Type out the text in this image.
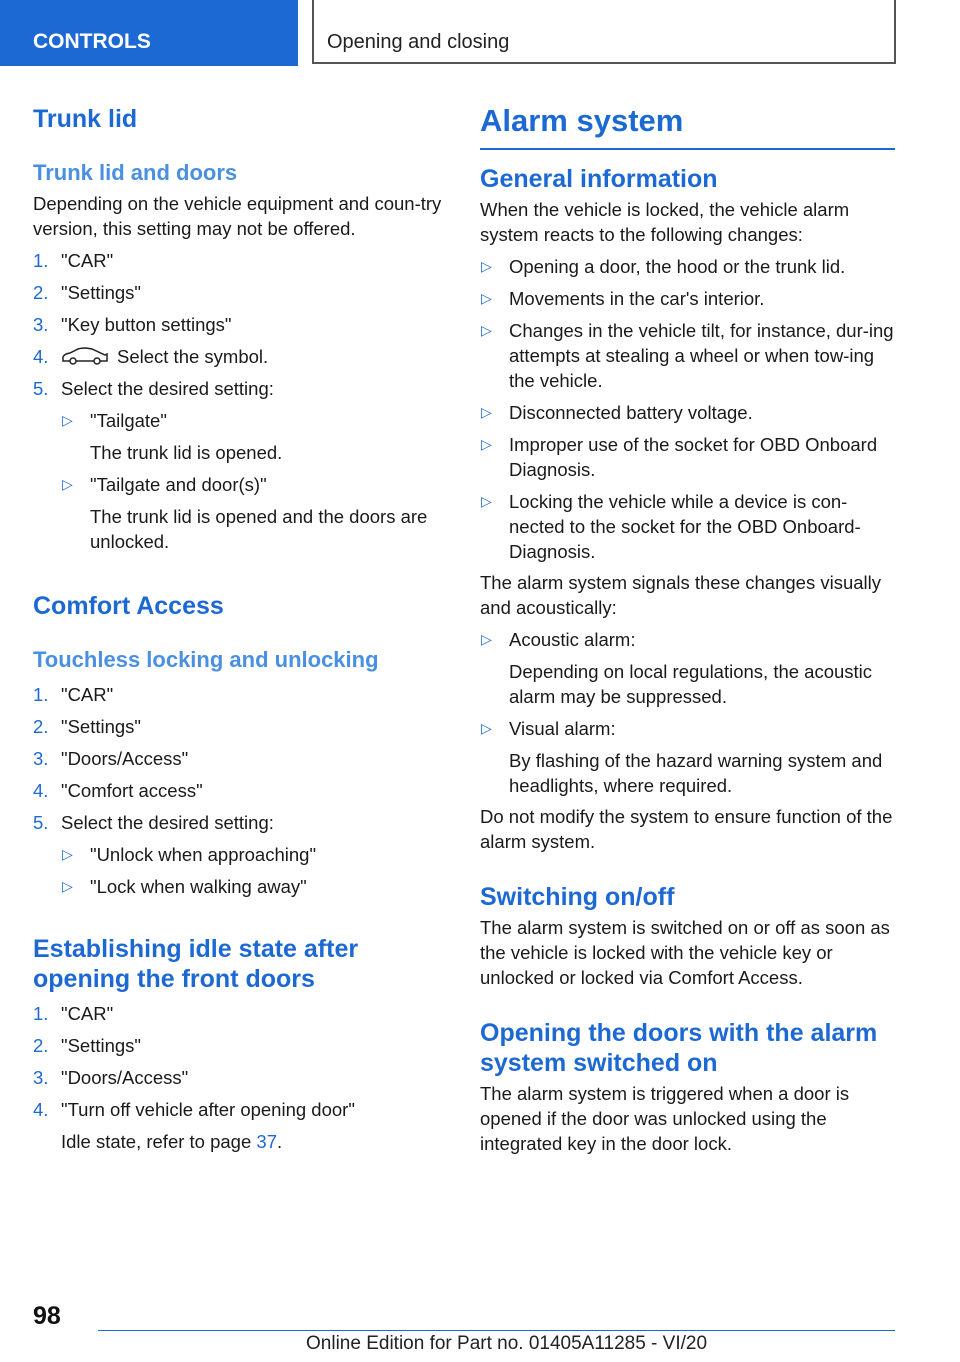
CONTROLS	Opening and closing
Trunk lid
Trunk lid and doors

Depending on the vehicle equipment and coun-try version, this setting may not be offered.

1. "CAR"
2. "Settings"
3. "Key button settings"
4.	Select the symbol.
5. Select the desired setting:
▷ "Tailgate"
The trunk lid is opened.
▷ "Tailgate and door(s)"
The trunk lid is opened and the doors are unlocked.
Comfort Access
Touchless locking and unlocking
1. "CAR"
2. "Settings"
3. "Doors/Access"
4. "Comfort access"
5. Select the desired setting:
▷ "Unlock when approaching"
▷ "Lock when walking away"
Establishing idle state after opening the front doors
1. "CAR"
2. "Settings"
3. "Doors/Access"
4. "Turn off vehicle after opening door"
Idle state, refer to page 37.
Alarm system
General information

When the vehicle is locked, the vehicle alarm system reacts to the following changes:

▷ Opening a door, the hood or the trunk lid.
▷ Movements in the car's interior.
▷ Changes in the vehicle tilt, for instance, dur-ing attempts at stealing a wheel or when tow-ing the vehicle.
▷ Disconnected battery voltage.
▷ Improper use of the socket for OBD Onboard Diagnosis.
▷ Locking the vehicle while a device is con-nected to the socket for the OBD Onboard-Diagnosis.

The alarm system signals these changes visually and acoustically:

▷ Acoustic alarm:
Depending on local regulations, the acoustic alarm may be suppressed.
▷ Visual alarm:
By flashing of the hazard warning system and headlights, where required.

Do not modify the system to ensure function of the alarm system.

Switching on/off

The alarm system is switched on or off as soon as the vehicle is locked with the vehicle key or unlocked or locked via Comfort Access.

Opening the doors with the alarm system switched on

The alarm system is triggered when a door is opened if the door was unlocked using the integrated key in the door lock.

98
Online Edition for Part no. 01405A11285 - VI/20
